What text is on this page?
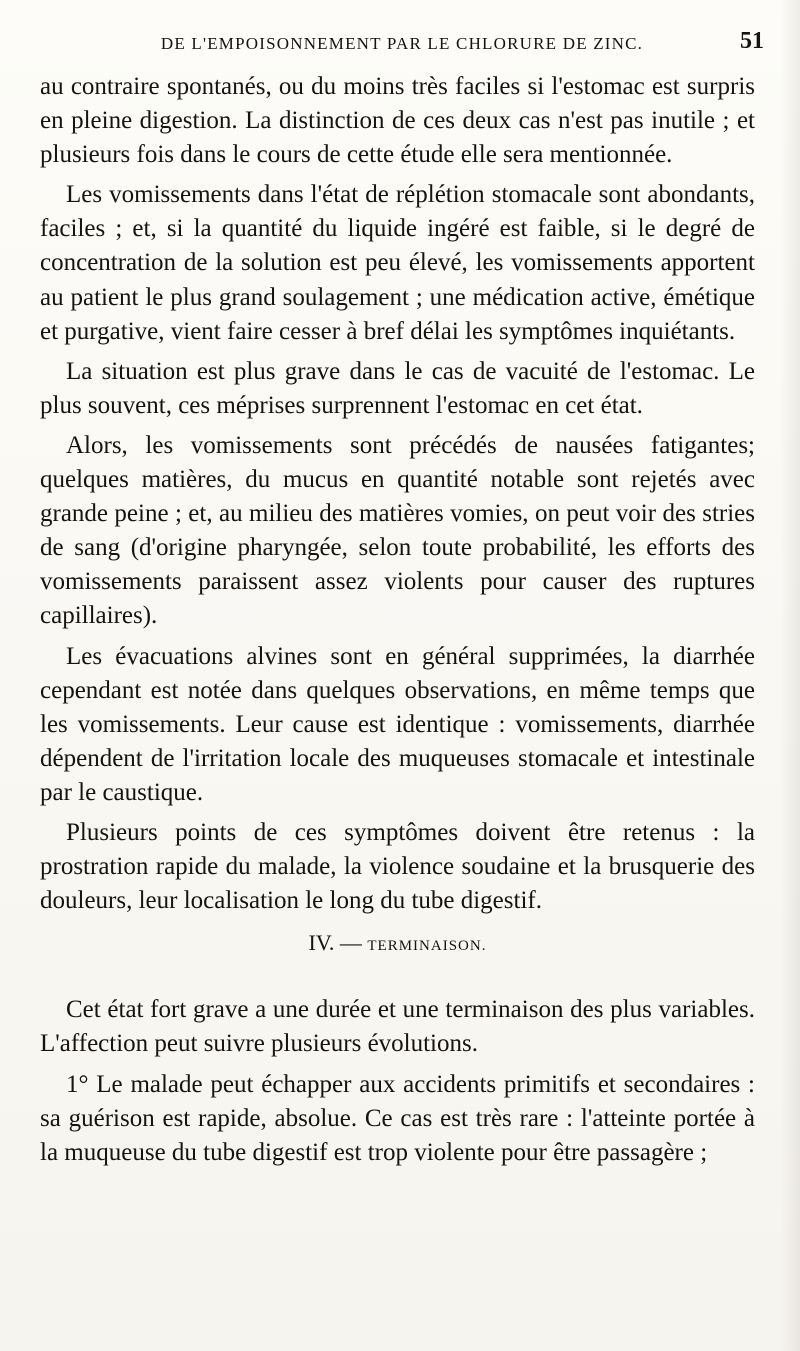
DE L'EMPOISONNEMENT PAR LE CHLORURE DE ZINC.	51

au contraire spontanés, ou du moins très faciles si l'estomac est surpris en pleine digestion. La distinction de ces deux cas n'est pas inutile ; et plusieurs fois dans le cours de cette étude elle sera mentionnée.

Les vomissements dans l'état de réplétion stomacale sont abondants, faciles ; et, si la quantité du liquide ingéré est faible, si le degré de concentration de la solution est peu élevé, les vomissements apportent au patient le plus grand soulagement ; une médication active, émétique et purgative, vient faire cesser à bref délai les symptômes inquiétants.

La situation est plus grave dans le cas de vacuité de l'estomac. Le plus souvent, ces méprises surprennent l'estomac en cet état.

Alors, les vomissements sont précédés de nausées fatigantes; quelques matières, du mucus en quantité notable sont rejetés avec grande peine ; et, au milieu des matières vomies, on peut voir des stries de sang (d'origine pharyngée, selon toute probabilité, les efforts des vomissements paraissent assez violents pour causer des ruptures capillaires).

Les évacuations alvines sont en général supprimées, la diarrhée cependant est notée dans quelques observations, en même temps que les vomissements. Leur cause est identique : vomissements, diarrhée dépendent de l'irritation locale des muqueuses stomacale et intestinale par le caustique.

Plusieurs points de ces symptômes doivent être retenus : la prostration rapide du malade, la violence soudaine et la brusquerie des douleurs, leur localisation le long du tube digestif.

IV. — TERMINAISON.

Cet état fort grave a une durée et une terminaison des plus variables. L'affection peut suivre plusieurs évolutions.

1° Le malade peut échapper aux accidents primitifs et secondaires : sa guérison est rapide, absolue. Ce cas est très rare : l'atteinte portée à la muqueuse du tube digestif est trop violente pour être passagère ;
